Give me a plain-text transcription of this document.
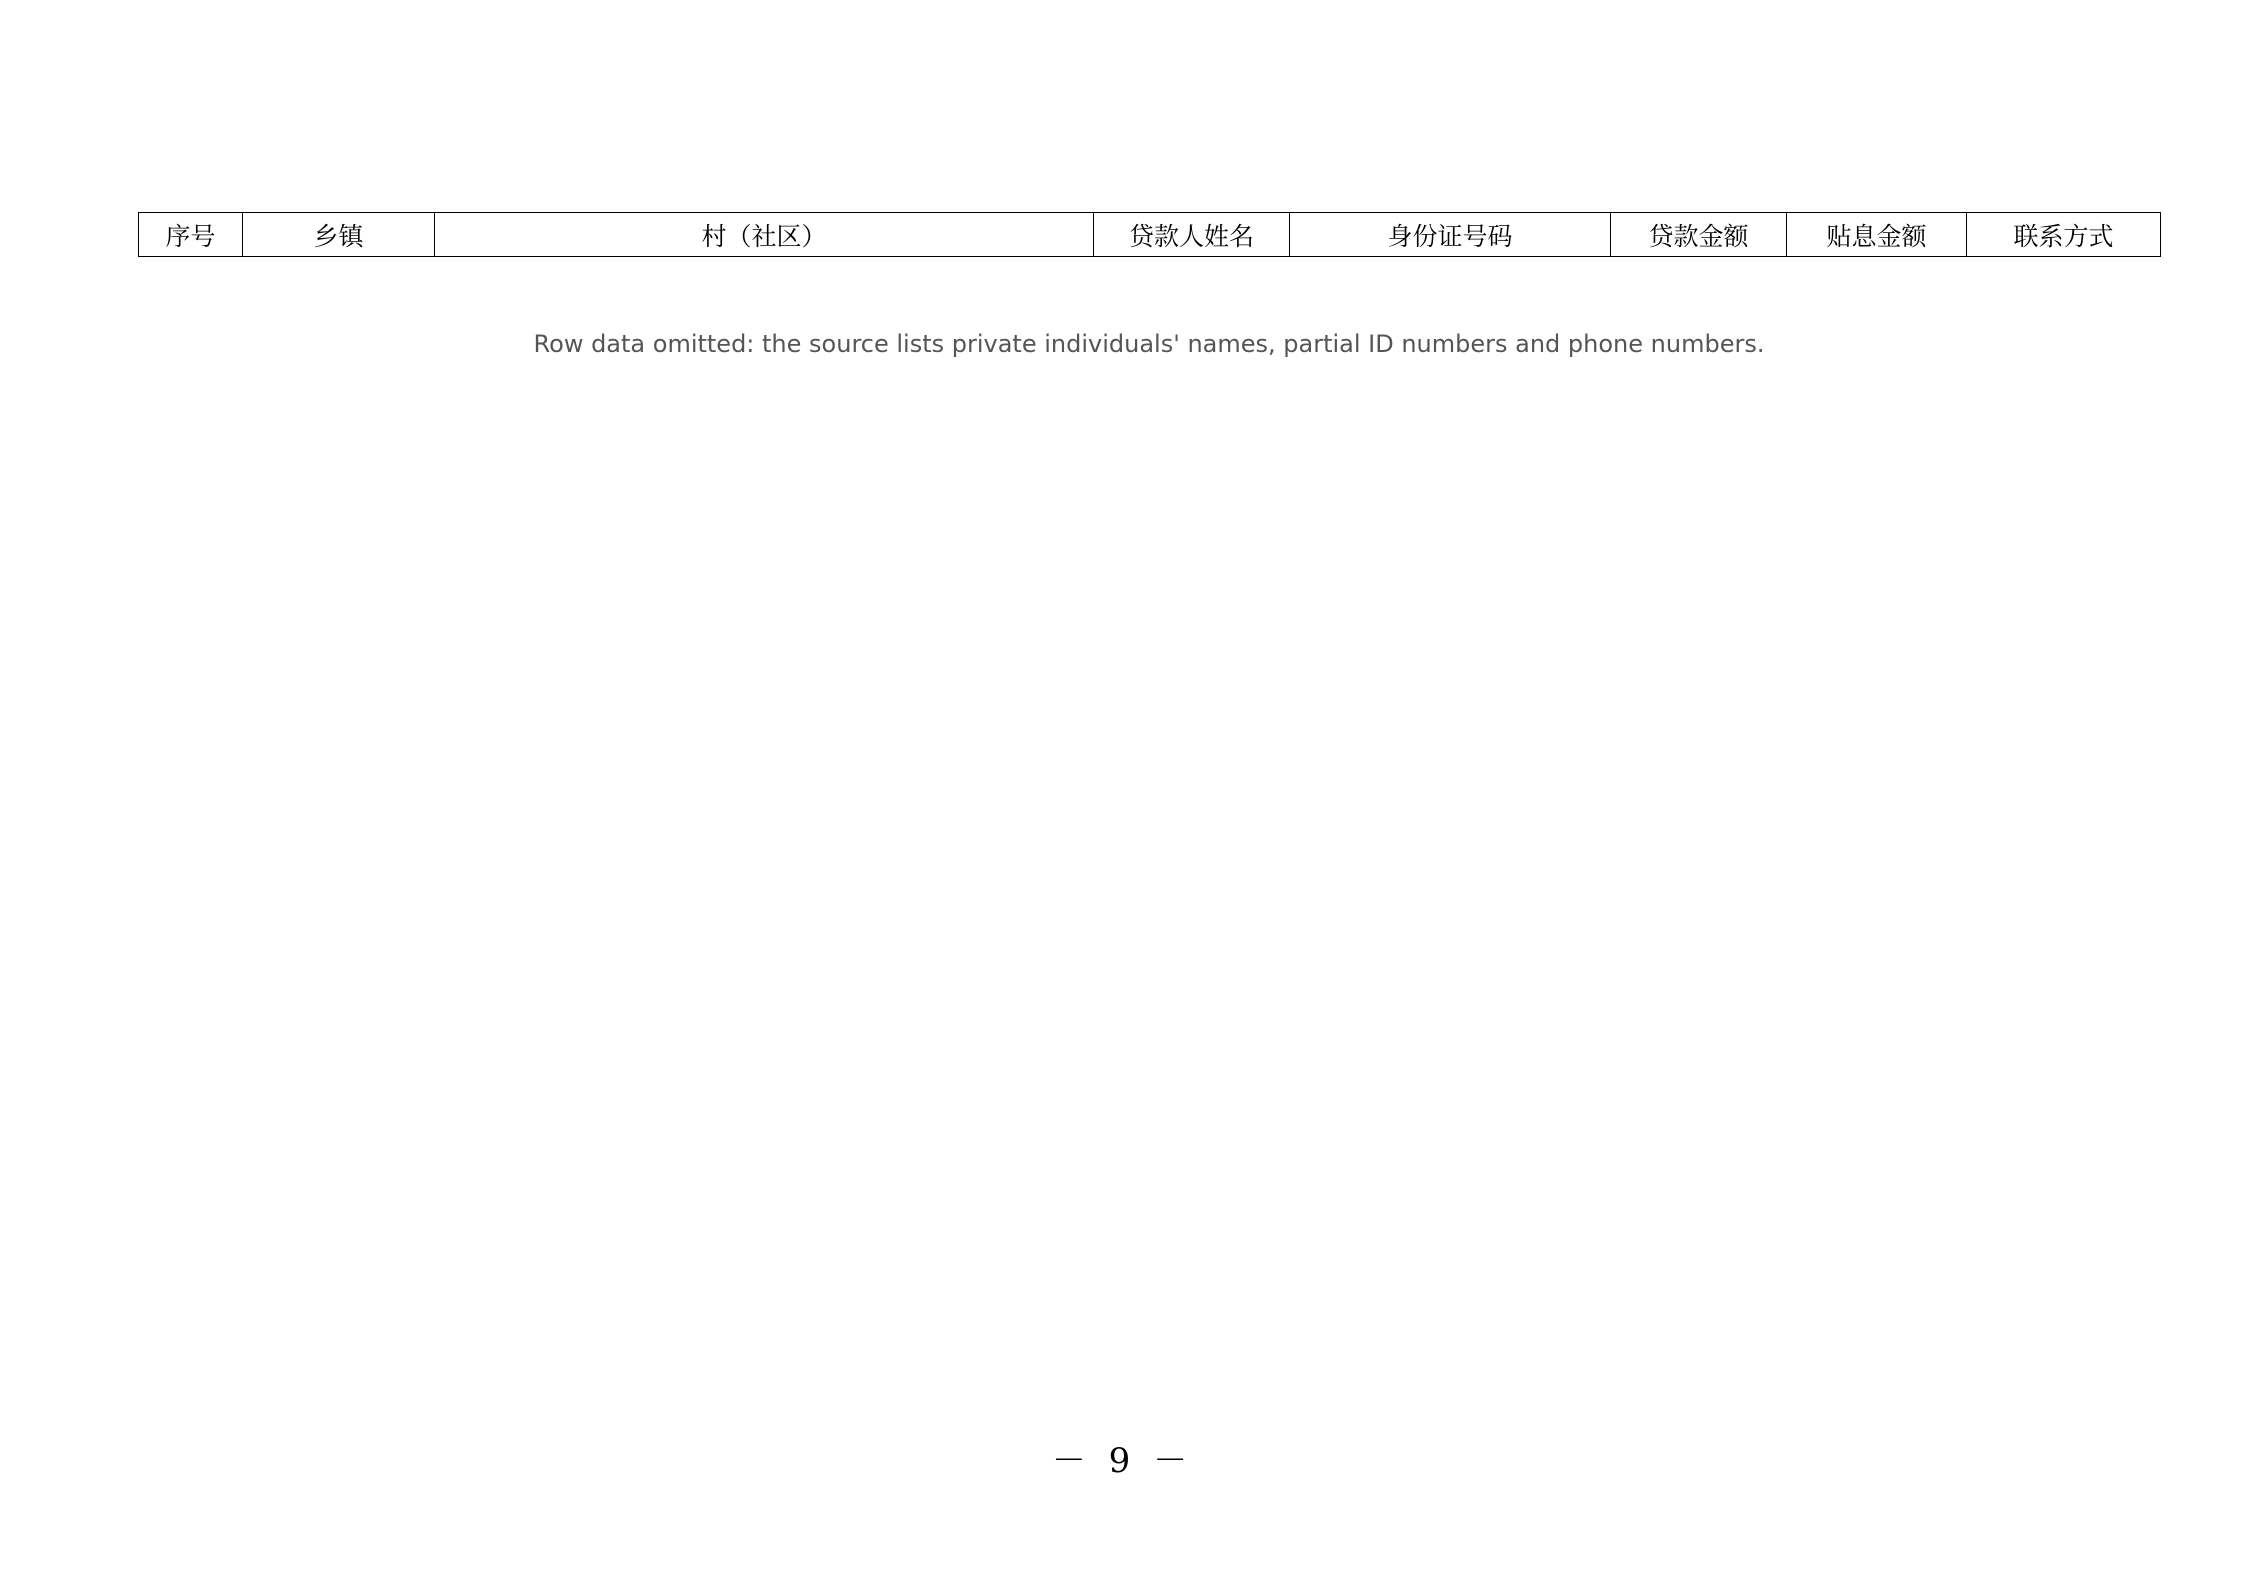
序号	乡镇	村（社区）	贷款人姓名	身份证号码	贷款金额	贴息金额	联系方式
Row data omitted: the source lists private individuals' names, partial ID numbers and phone numbers.
－ 9 －
